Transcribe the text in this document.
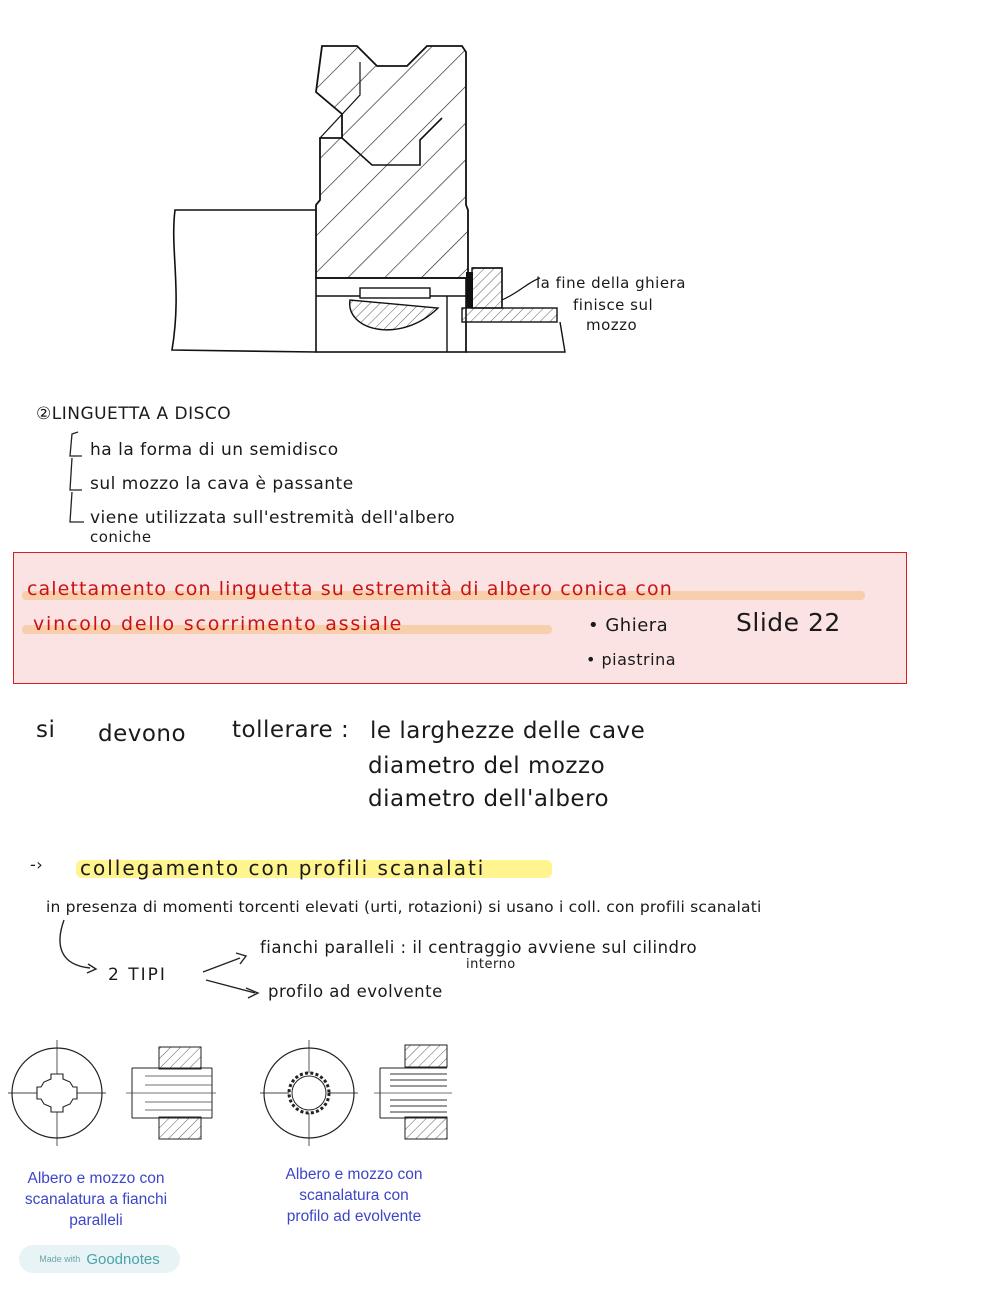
la fine della ghiera
finisce sul
mozzo
②LINGUETTA A DISCO
ha la forma di un semidisco
sul mozzo la cava è passante
viene utilizzata sull'estremità dell'albero
coniche
calettamento con linguetta su estremità di albero conica con
vincolo dello scorrimento assiale	• Ghiera
• piastrina
Slide 22
si devono tollerare : le larghezze delle cave
diametro del mozzo
diametro dell'albero
-› collegamento con profili scanalati
in presenza di momenti torcenti elevati (urti, rotazioni) si usano i coll. con profili scanalati
2 TIPI
fianchi paralleli : il centraggio avviene sul cilindro
interno
profilo ad evolvente
Albero e mozzo con
scanalatura a fianchi
paralleli
Albero e mozzo con
scanalatura con
profilo ad evolvente
Made with Goodnotes
